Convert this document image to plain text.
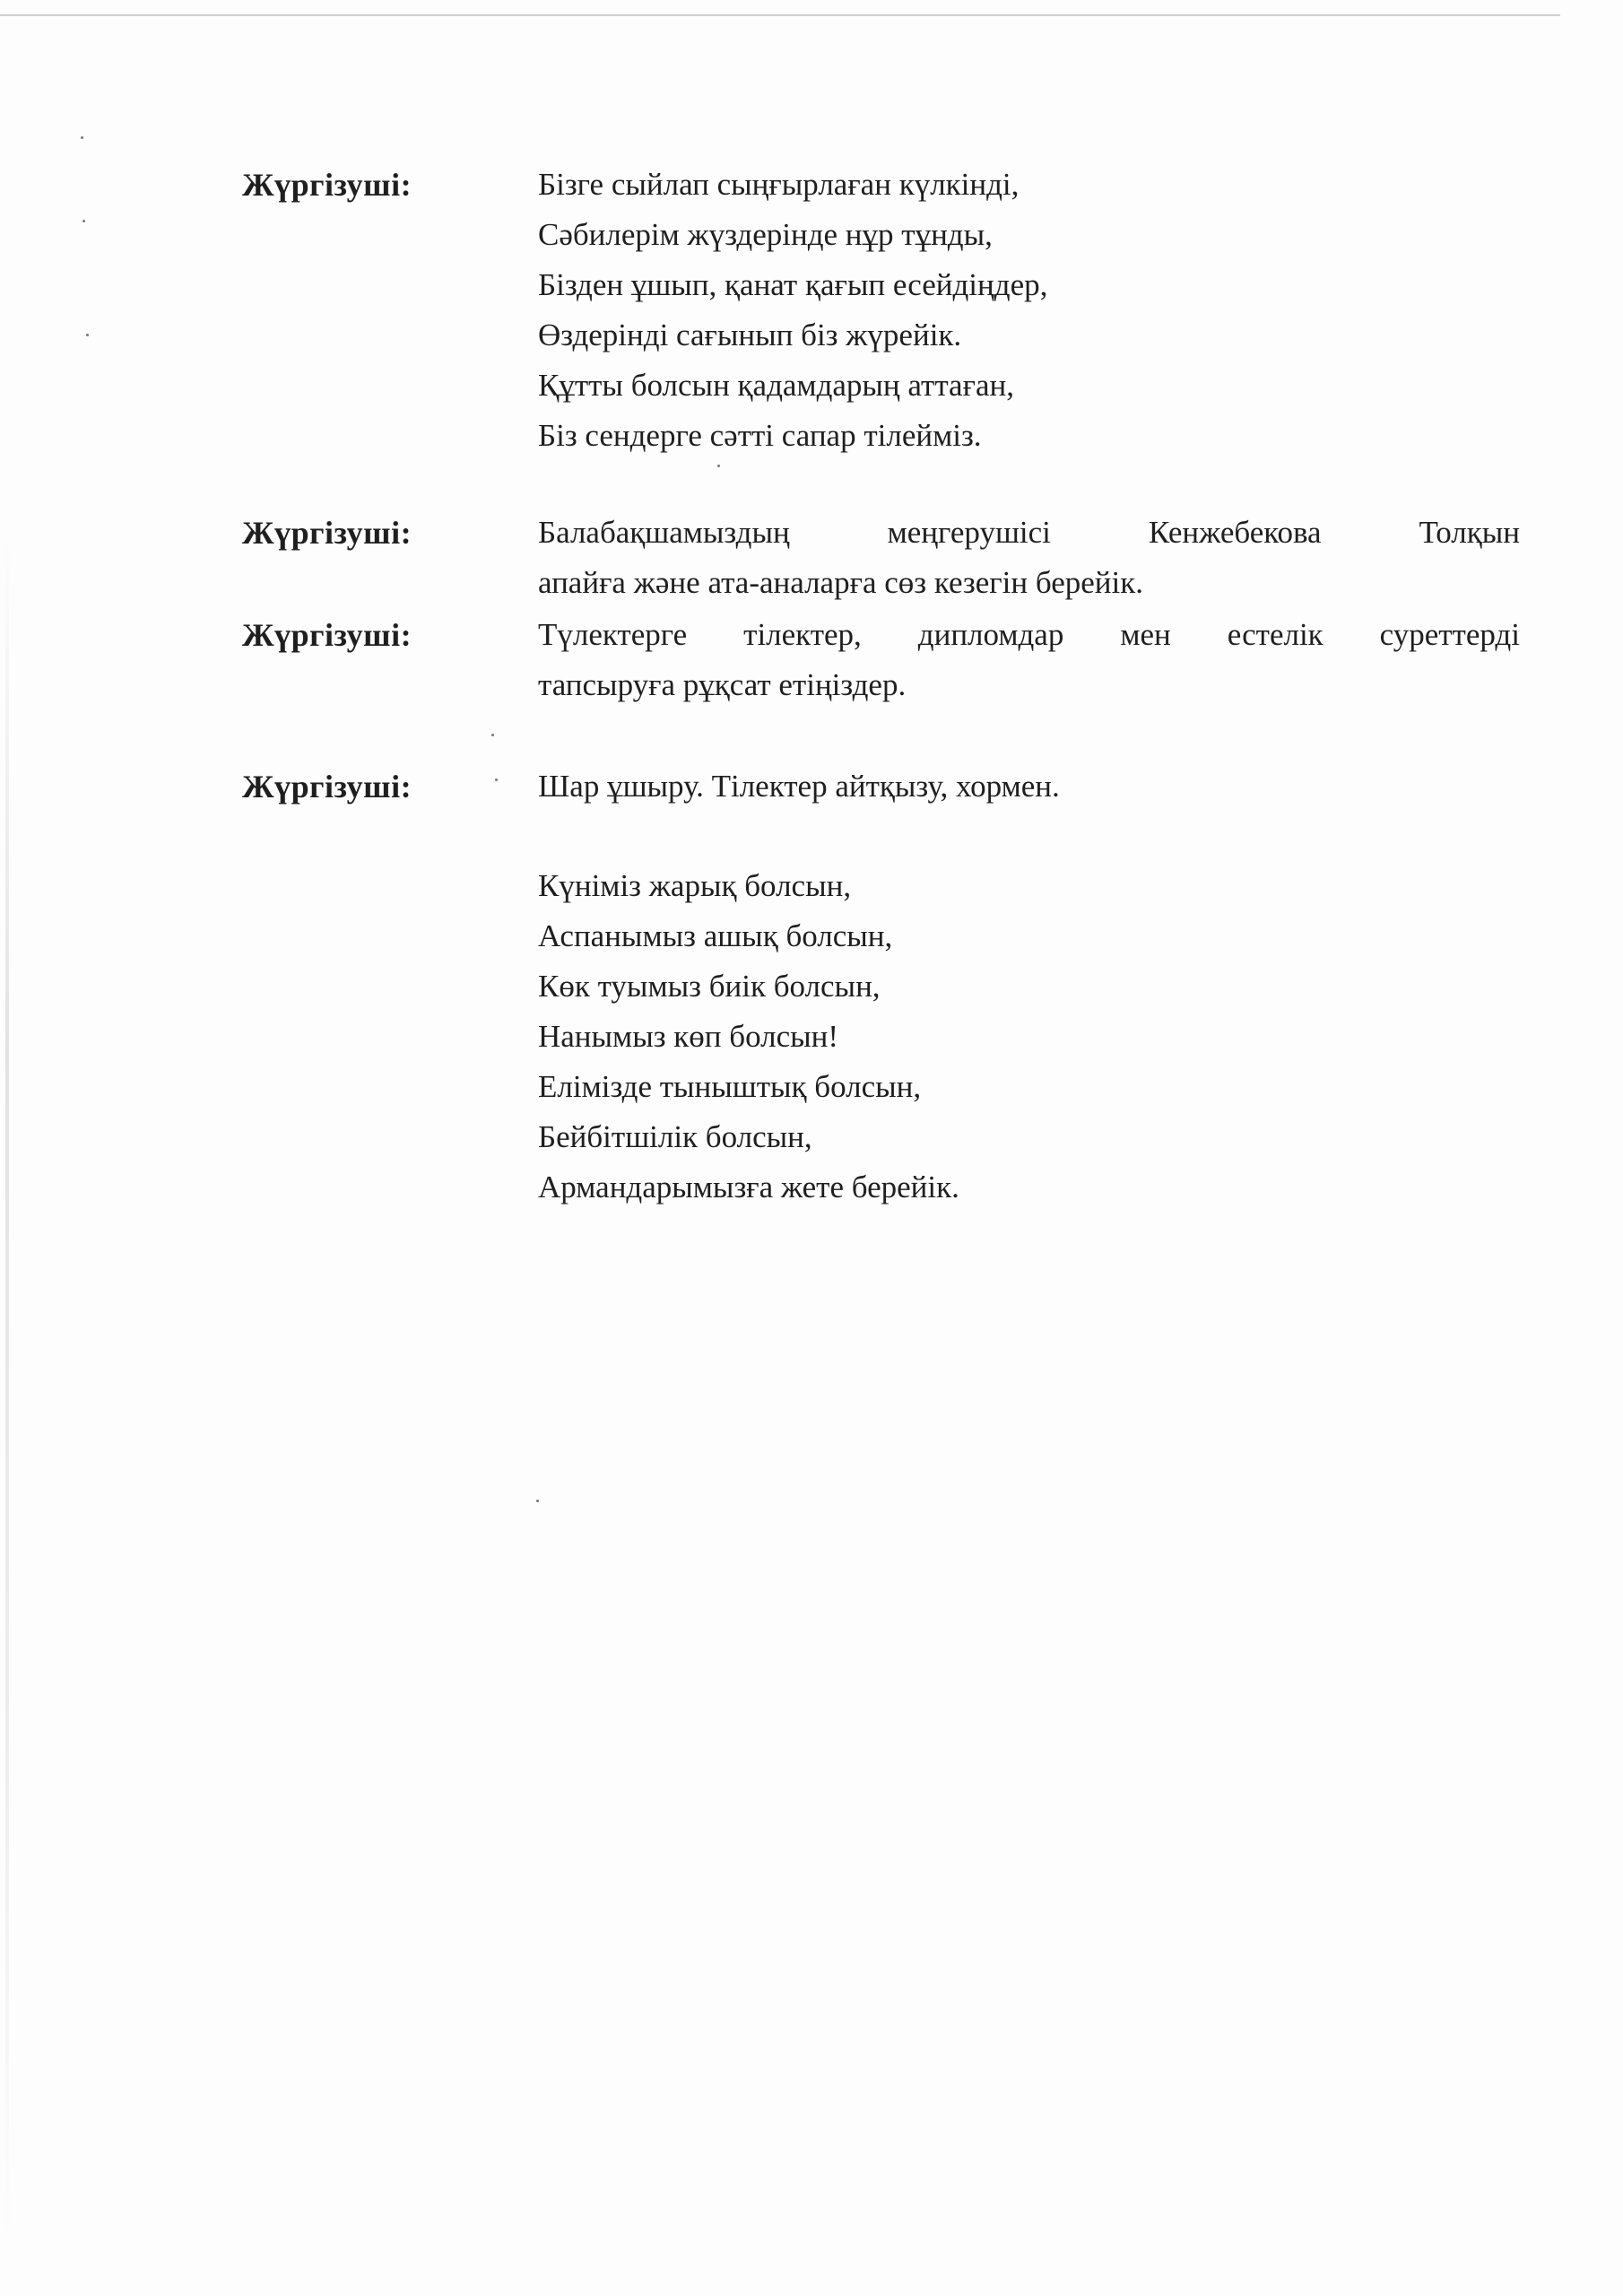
Жүргізуші:	Бізге сыйлап сыңғырлаған күлкінді,
Сәбилерім жүздерінде нұр тұнды,
Бізден ұшып, қанат қағып есейдіңдер,
Өздерінді сағынып біз жүрейік.
Құтты болсын қадамдарың аттаған,
Біз сендерге сәтті сапар тілейміз.
Жүргізуші:	Балабақшамыздың	меңгерушісі	Кенжебекова	Толқын
апайға және ата-аналарға сөз кезегін берейік.
Жүргізуші:	Түлектерге тілектер, дипломдар мен естелік суреттерді
тапсыруға рұқсат етіңіздер.
Жүргізуші:	Шар ұшыру. Тілектер айтқызу, хормен.
Күніміз жарық болсын,
Аспанымыз ашық болсын,
Көк туымыз биік болсын,
Нанымыз көп болсын!
Елімізде тыныштық болсын,
Бейбітшілік болсын,
Армандарымызға жете берейік.
